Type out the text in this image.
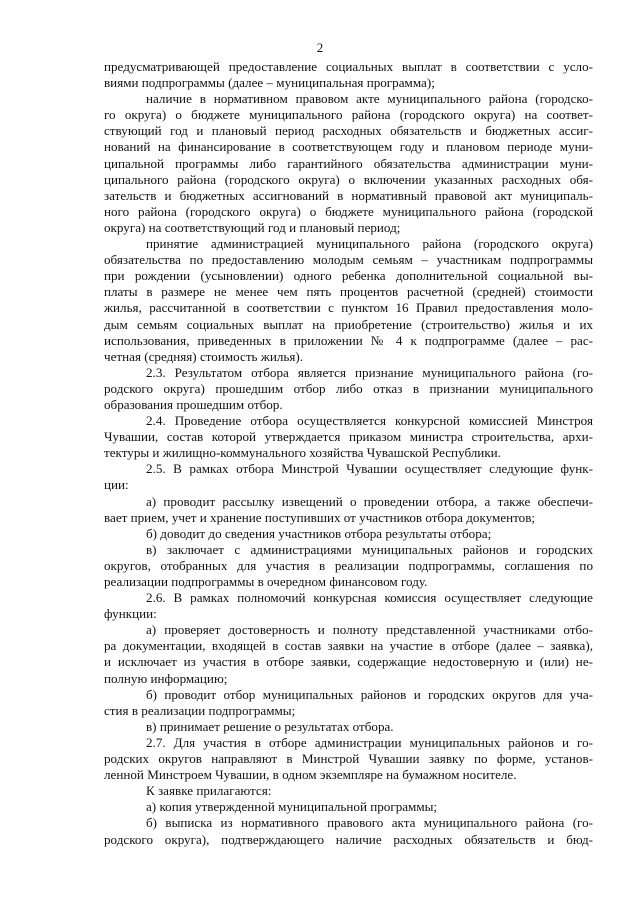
2
предусматривающей предоставление социальных выплат в соответствии с усло-
виями подпрограммы (далее – муниципальная программа);
наличие в нормативном правовом акте муниципального района (городско-
го округа) о бюджете муниципального района (городского округа) на соответ-
ствующий год и плановый период расходных обязательств и бюджетных ассиг-
нований на финансирование в соответствующем году и плановом периоде муни-
ципальной программы либо гарантийного обязательства администрации муни-
ципального района (городского округа) о включении указанных расходных обя-
зательств и бюджетных ассигнований в нормативный правовой акт муниципаль-
ного района (городского округа) о бюджете муниципального района (городской
округа) на соответствующий год и плановый период;
принятие администрацией муниципального района (городского округа)
обязательства по предоставлению молодым семьям – участникам подпрограммы
при рождении (усыновлении) одного ребенка дополнительной социальной вы-
платы в размере не менее чем пять процентов расчетной (средней) стоимости
жилья, рассчитанной в соответствии с пунктом 16 Правил предоставления моло-
дым семьям социальных выплат на приобретение (строительство) жилья и их
использования, приведенных в приложении № 4 к подпрограмме (далее – рас-
четная (средняя) стоимость жилья).
2.3. Результатом отбора является признание муниципального района (го-
родского округа) прошедшим отбор либо отказ в признании муниципального
образования прошедшим отбор.
2.4. Проведение отбора осуществляется конкурсной комиссией Минстроя
Чувашии, состав которой утверждается приказом министра строительства, архи-
тектуры и жилищно-коммунального хозяйства Чувашской Республики.
2.5. В рамках отбора Минстрой Чувашии осуществляет следующие функ-
ции:
а) проводит рассылку извещений о проведении отбора, а также обеспечи-
вает прием, учет и хранение поступивших от участников отбора документов;
б) доводит до сведения участников отбора результаты отбора;
в) заключает с администрациями муниципальных районов и городских
округов, отобранных для участия в реализации подпрограммы, соглашения по
реализации подпрограммы в очередном финансовом году.
2.6. В рамках полномочий конкурсная комиссия осуществляет следующие
функции:
а) проверяет достоверность и полноту представленной участниками отбо-
ра документации, входящей в состав заявки на участие в отборе (далее – заявка),
и исключает из участия в отборе заявки, содержащие недостоверную и (или) не-
полную информацию;
б) проводит отбор муниципальных районов и городских округов для уча-
стия в реализации подпрограммы;
в) принимает решение о результатах отбора.
2.7. Для участия в отборе администрации муниципальных районов и го-
родских округов направляют в Минстрой Чувашии заявку по форме, установ-
ленной Минстроем Чувашии, в одном экземпляре на бумажном носителе.
К заявке прилагаются:
а) копия утвержденной муниципальной программы;
б) выписка из нормативного правового акта муниципального района (го-
родского округа), подтверждающего наличие расходных обязательств и бюд-
